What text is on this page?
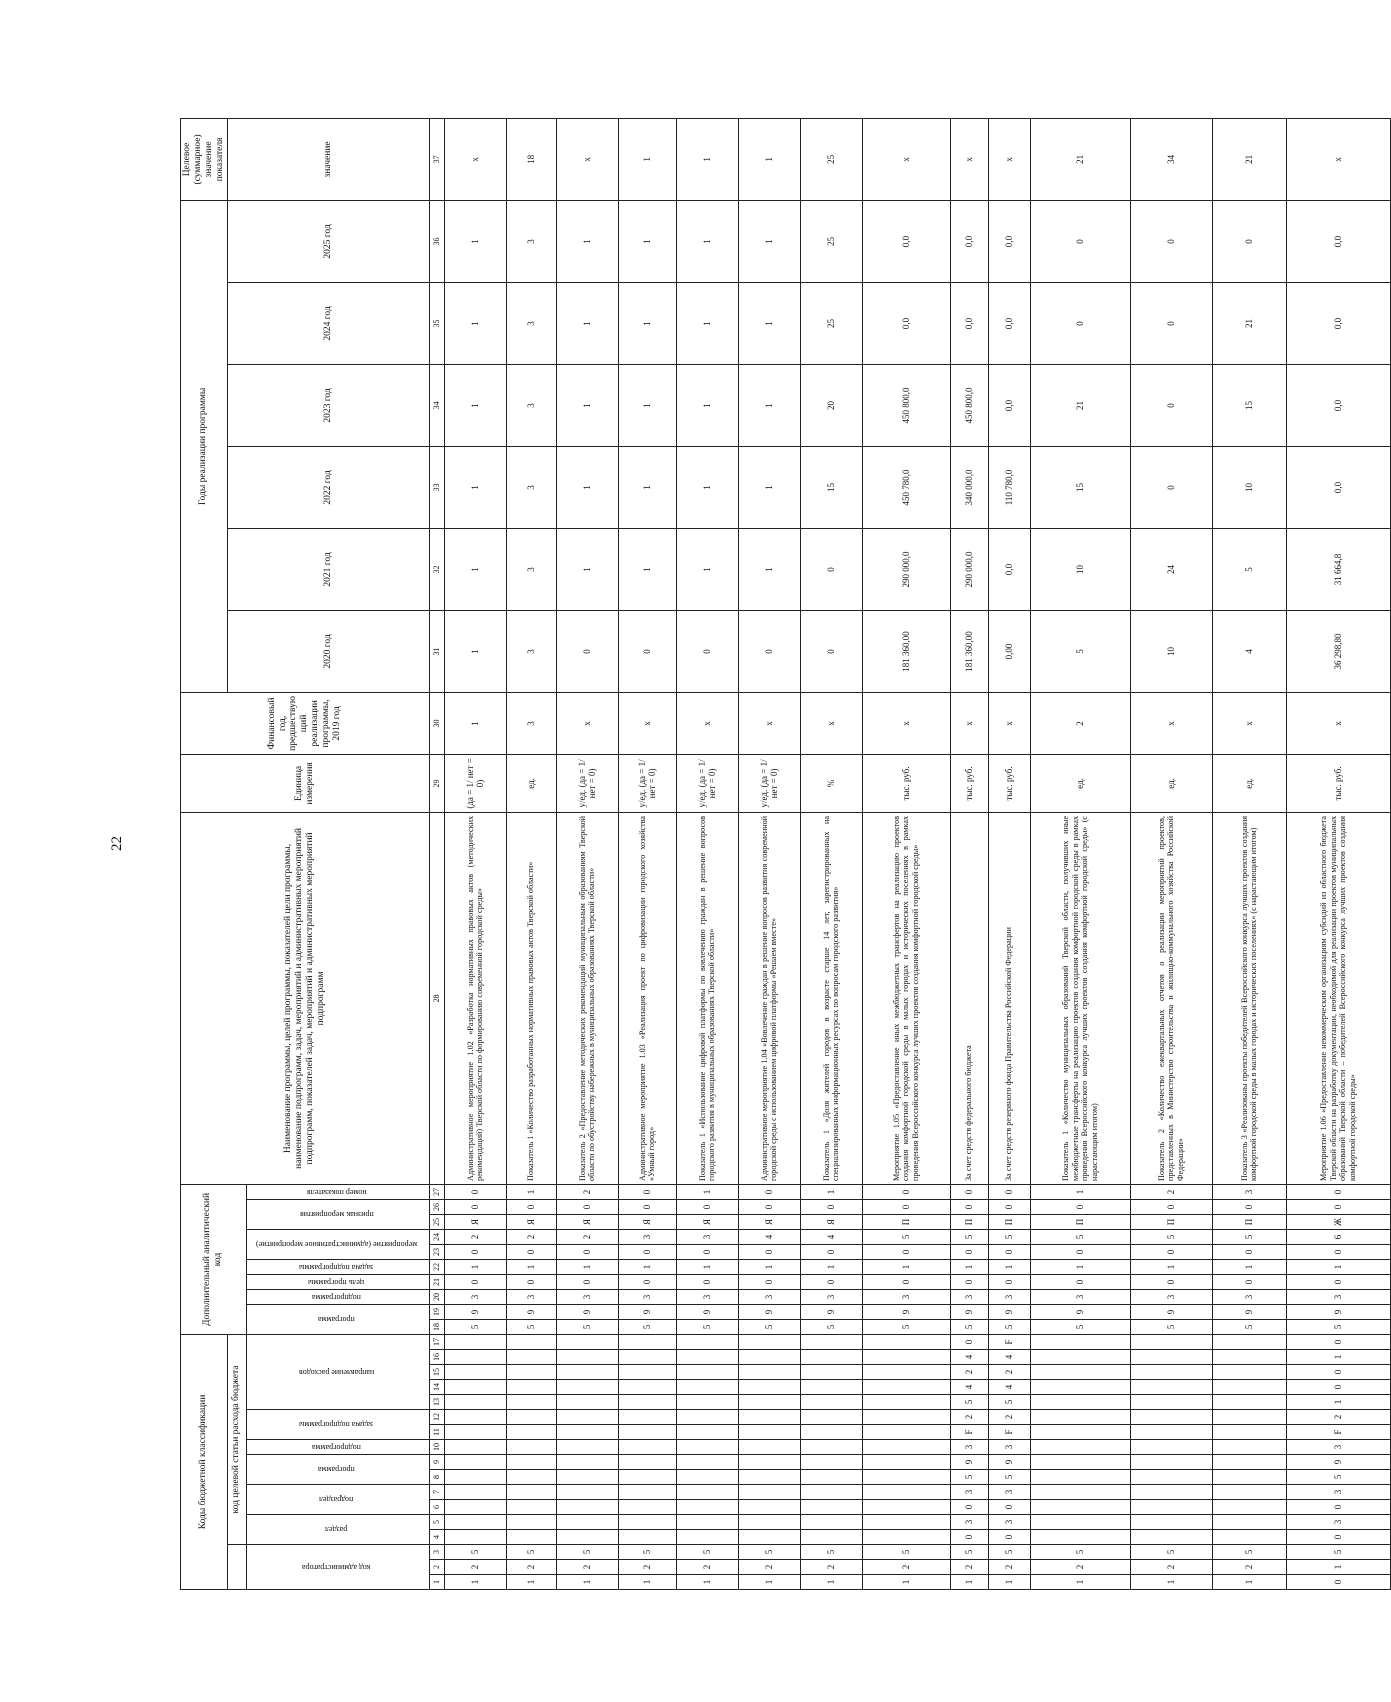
22
Коды бюджетной классификации																	Дополнительный аналитический код										Наименование программы, целей программы, показателей цели программы, наименование подпрограмм, задач, мероприятий и административных мероприятий подпрограмм, показателей задач, мероприятий и административных мероприятий подпрограмм	Единица измерения	Финансовый год, предшествующий реализации программы, 2019 год	Годы реализации программы						Целевое (суммарное) значение показателя
			код целевой статьи расхода бюджета																											2020 год	2021 год	2022 год	2023 год	2024 год	2025 год	значение
код администратора			раздел		подраздел		программа		подпрограмма	задача подпрограммы		направление расходов					программа		подпрограмма	цель программы	задача подпрограммы	мероприятие (административное мероприятие)		признак мероприятия		номер показателя										
1	2	3	4	5	6	7	8	9	10	11	12	13	14	15	16	17	18	19	20	21	22	23	24	25	26	27	28	29	30	31	32	33	34	35	36	37
1	2	5															5	9	3	0	1	0	2	Я	0	0	Административное мероприятие 1.02 «Разработка нормативных правовых актов (методических рекомендаций) Тверской области по формированию современной городской среды»	(да = 1/ нет = 0)	1	1	1	1	1	1	1	х
1	2	5															5	9	3	0	1	0	2	Я	0	1	Показатель 1 «Количество разработанных нормативных правовых актов Тверской области»	ед.	3	3	3	3	3	3	3	18
1	2	5															5	9	3	0	1	0	2	Я	0	2	Показатель 2 «Предоставление методических рекомендаций муниципальным образованиям Тверской области по обустройству набережных в муниципальных образованиях Тверской области»	у/ед. (да = 1/ нет = 0)	х	0	1	1	1	1	1	х
1	2	5															5	9	3	0	1	0	3	Я	0	0	Административное мероприятие 1.03 «Реализация проект по цифровизации городского хозяйства «Умный город»	у/ед. (да = 1/ нет = 0)	х	0	1	1	1	1	1	1
1	2	5															5	9	3	0	1	0	3	Я	0	1	Показатель 1 «Использование цифровой платформы по вовлечению граждан в решение вопросов городского развития в муниципальных образованиях Тверской области»	у/ед. (да = 1/ нет = 0)	х	0	1	1	1	1	1	1
1	2	5															5	9	3	0	1	0	4	Я	0	0	Административное мероприятие 1.04 «Вовлечение граждан в решение вопросов развития современной городской среды с использованием цифровой платформы «Решаем вместе»	у/ед. (да = 1/ нет = 0)	х	0	1	1	1	1	1	1
1	2	5															5	9	3	0	1	0	4	Я	0	1	Показатель 1 «Доля жителей городов в возрасте старше 14 лет, зарегистрированных на специализированных информационных ресурсах по вопросам городского развития»	%	х	0	0	15	20	25	25	25
1	2	5															5	9	3	0	1	0	5	П	0	0	Мероприятие 1.05 «Предоставление иных межбюджетных трансфертов на реализацию проектов создания комфортной городской среды в малых городах и исторических поселениях в рамках проведения Всероссийского конкурса лучших проектов создания комфортной городской среды»	тыс. руб.	х	181 360,00	290 000,0	450 780,0	450 800,0	0,0	0,0	х
1	2	5	0	3	0	3	5	9	3	F	2	5	4	2	4	0	5	9	3	0	1	0	5	П	0	0	За счет средств федерального бюджета	тыс. руб.	х	181 360,00	290 000,0	340 000,0	450 800,0	0,0	0,0	х
1	2	5	0	3	0	3	5	9	3	F	2	5	4	2	4	F	5	9	3	0	1	0	5	П	0	0	За счет средств резервного фонда Правительства Российской Федерации	тыс. руб.	х	0,00	0,0	110 780,0	0,0	0,0	0,0	х
1	2	5															5	9	3	0	1	0	5	П	0	1	Показатель 1 «Количество муниципальных образований Тверской области, получивших иные межбюджетные трансферты на реализацию проектов создания комфортной городской среды в рамках проведения Всероссийского конкурса лучших проектов создания комфортной городской среды» (с нарастающим итогом)	ед.	2	5	10	15	21	0	0	21
1	2	5															5	9	3	0	1	0	5	П	0	2	Показатель 2 «Количество ежеквартальных отчетов о реализации мероприятий проектов, представленных в Министерство строительства и жилищно-коммунального хозяйства Российской Федерации»	ед.	х	10	24	0	0	0	0	34
1	2	5															5	9	3	0	1	0	5	П	0	3	Показатель 3 «Реализованы проекты победителей Всероссийского конкурса лучших проектов создания комфортной городской среды в малых городах и исторических поселениях» (с нарастающим итогом)	ед.	х	4	5	10	15	21	0	21
0	1	5	0	3	0	3	5	9	3	F	2	1	0	0	1	0	5	9	3	0	1	0	6	Ж	0	0	Мероприятие 1.06 «Предоставление некоммерческим организациям субсидий из областного бюджета Тверской области на разработку документации, необходимой для реализации проектов муниципальных образований Тверской области – победителей Всероссийского конкурса лучших проектов создания комфортной городской среды»	тыс. руб.	х	36 298,80	31 664,8	0,0	0,0	0,0	0,0	х
